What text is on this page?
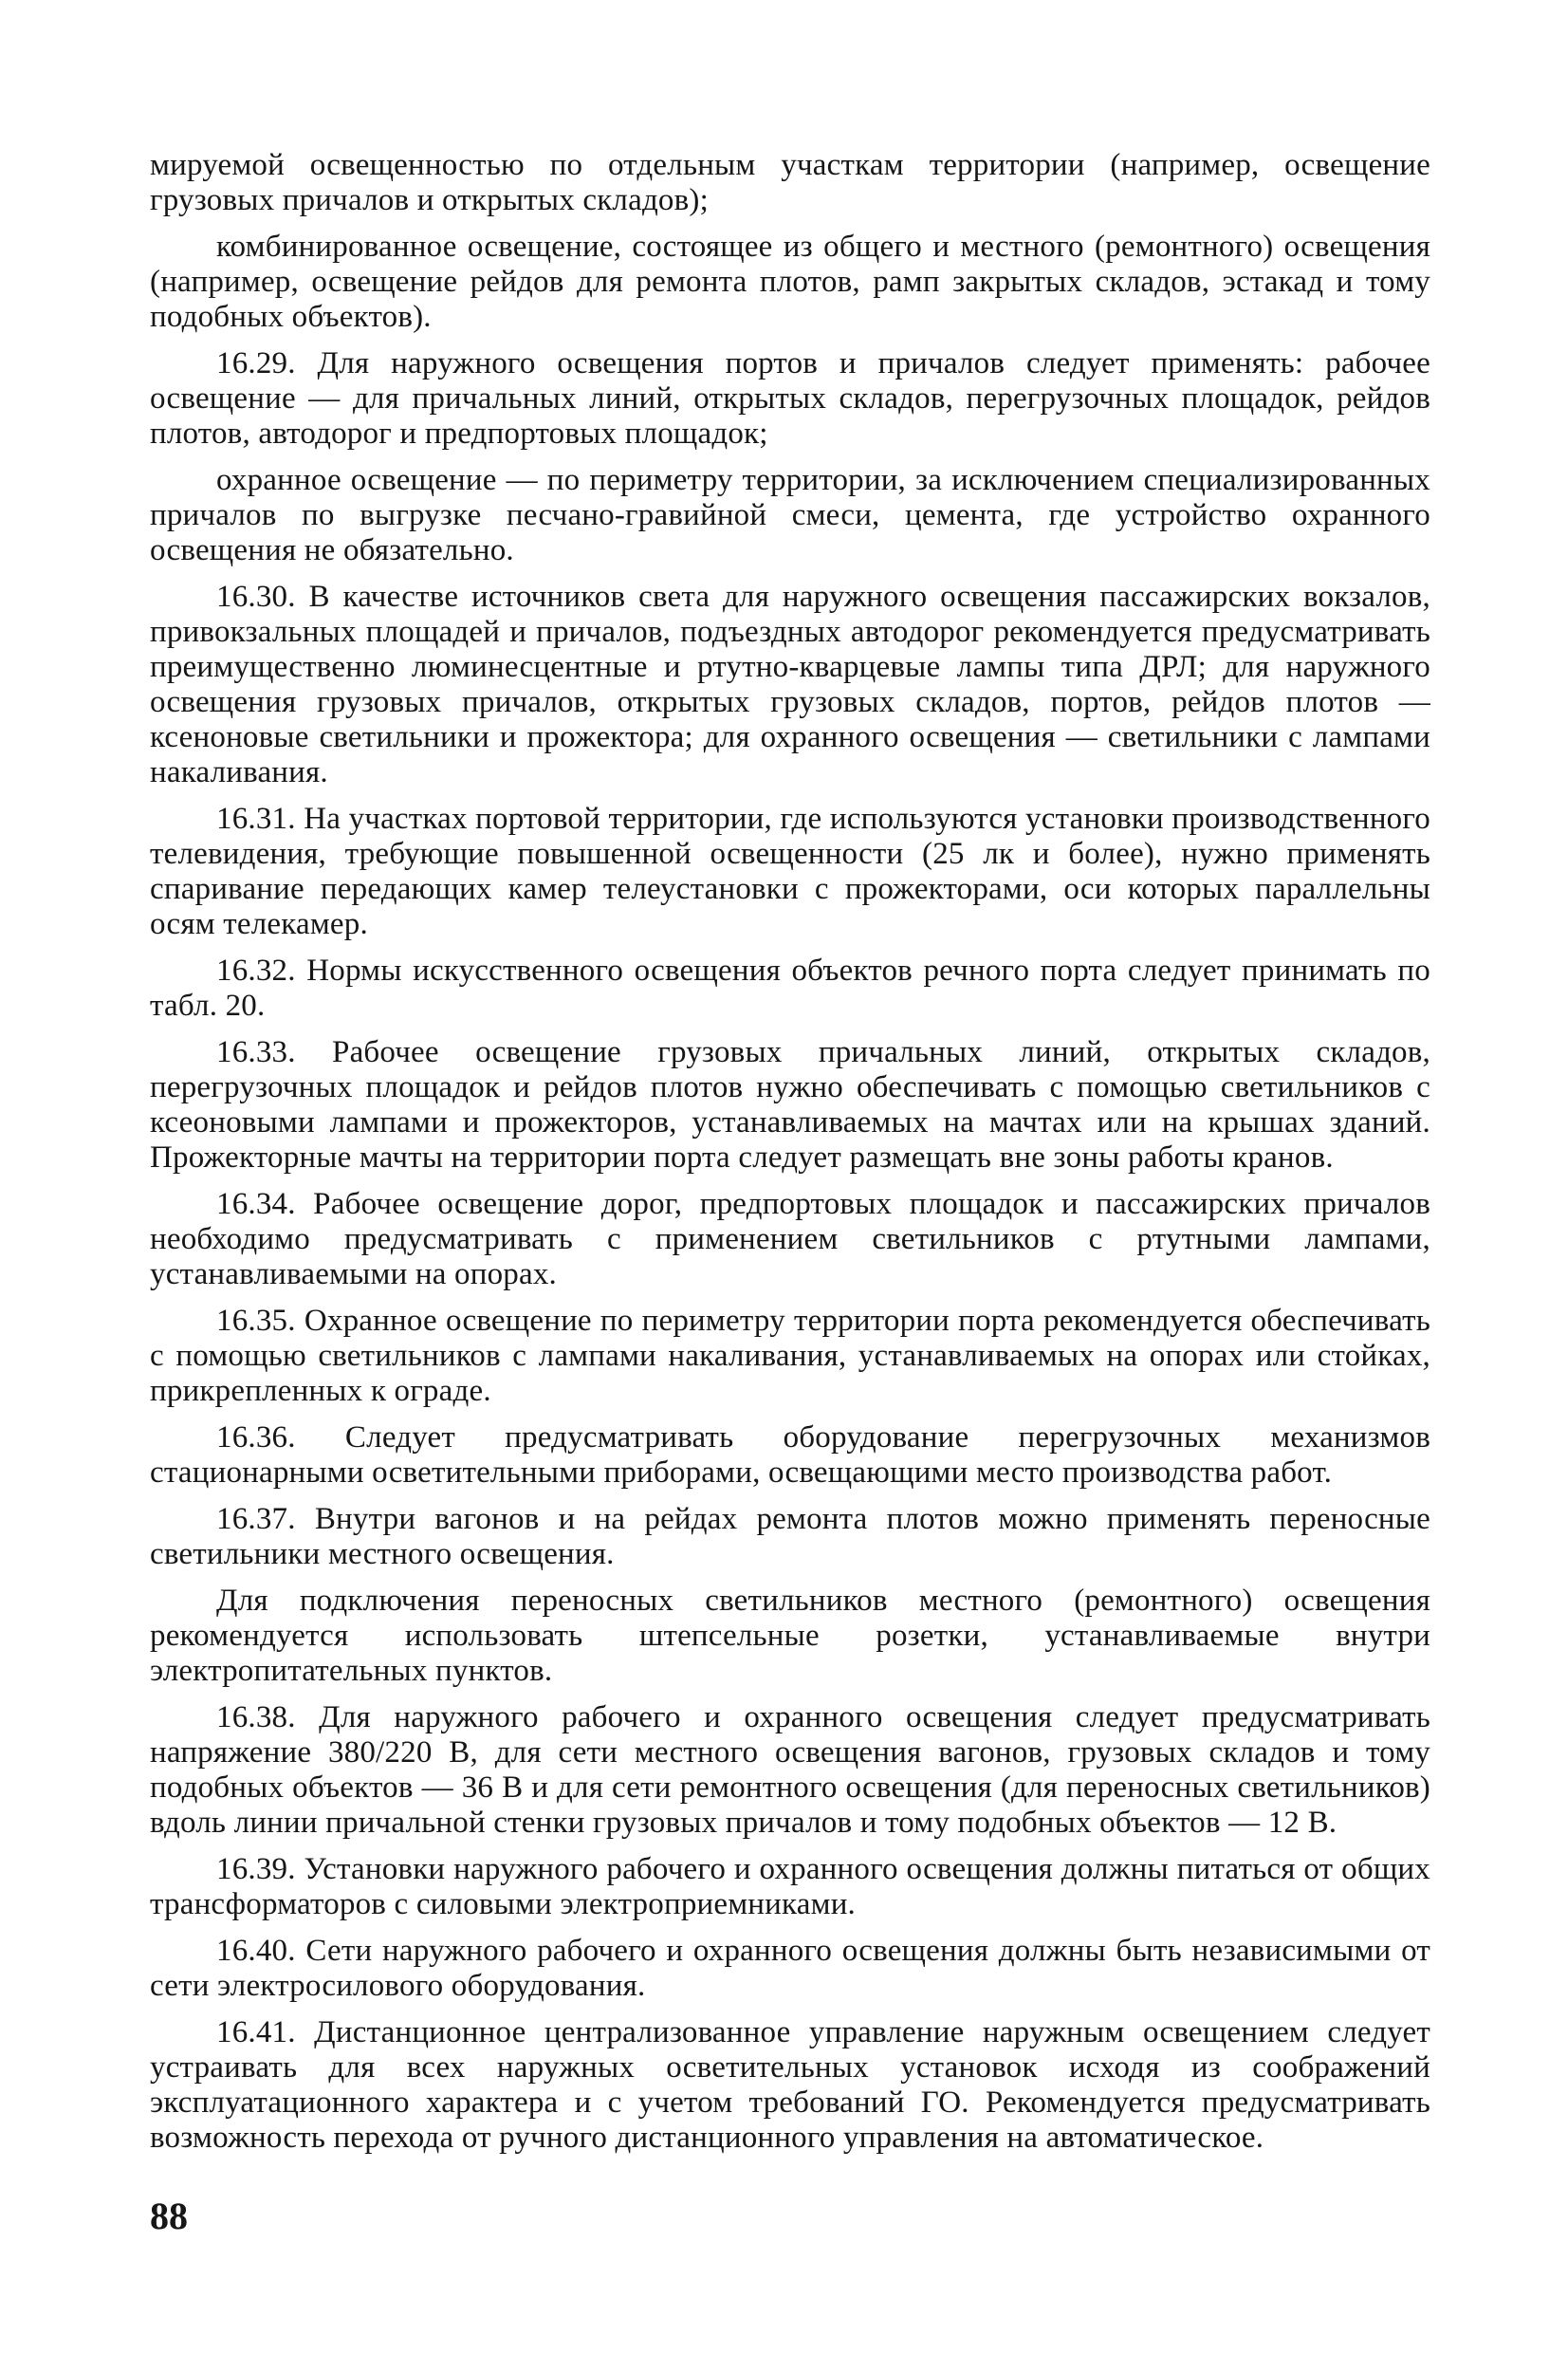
мируемой освещенностью по отдельным участкам территории (например, освещение грузовых причалов и открытых складов);

комбинированное освещение, состоящее из общего и местного (ремонтного) освещения (например, освещение рейдов для ремонта плотов, рамп закрытых складов, эстакад и тому подобных объектов).

16.29. Для наружного освещения портов и причалов следует применять: рабочее освещение — для причальных линий, открытых складов, перегрузочных площадок, рейдов плотов, автодорог и предпортовых площадок;

охранное освещение — по периметру территории, за исключением специализированных причалов по выгрузке песчано-гравийной смеси, цемента, где устройство охранного освещения не обязательно.

16.30. В качестве источников света для наружного освещения пассажирских вокзалов, привокзальных площадей и причалов, подъездных автодорог рекомендуется предусматривать преимущественно люминесцентные и ртутно-кварцевые лампы типа ДРЛ; для наружного освещения грузовых причалов, открытых грузовых складов, портов, рейдов плотов — ксеноновые светильники и прожектора; для охранного освещения — светильники с лампами накаливания.

16.31. На участках портовой территории, где используются установки производственного телевидения, требующие повышенной освещенности (25 лк и более), нужно применять спаривание передающих камер телеустановки с прожекторами, оси которых параллельны осям телекамер.

16.32. Нормы искусственного освещения объектов речного порта следует принимать по табл. 20.

16.33. Рабочее освещение грузовых причальных линий, открытых складов, перегрузочных площадок и рейдов плотов нужно обеспечивать с помощью светильников с ксеоновыми лампами и прожекторов, устанавливаемых на мачтах или на крышах зданий. Прожекторные мачты на территории порта следует размещать вне зоны работы кранов.

16.34. Рабочее освещение дорог, предпортовых площадок и пассажирских причалов необходимо предусматривать с применением светильников с ртутными лампами, устанавливаемыми на опорах.

16.35. Охранное освещение по периметру территории порта рекомендуется обеспечивать с помощью светильников с лампами накаливания, устанавливаемых на опорах или стойках, прикрепленных к ограде.

16.36. Следует предусматривать оборудование перегрузочных механизмов стационарными осветительными приборами, освещающими место производства работ.

16.37. Внутри вагонов и на рейдах ремонта плотов можно применять переносные светильники местного освещения.

Для подключения переносных светильников местного (ремонтного) освещения рекомендуется использовать штепсельные розетки, устанавливаемые внутри электропитательных пунктов.

16.38. Для наружного рабочего и охранного освещения следует предусматривать напряжение 380/220 В, для сети местного освещения вагонов, грузовых складов и тому подобных объектов — 36 В и для сети ремонтного освещения (для переносных светильников) вдоль линии причальной стенки грузовых причалов и тому подобных объектов — 12 В.

16.39. Установки наружного рабочего и охранного освещения должны питаться от общих трансформаторов с силовыми электроприемниками.

16.40. Сети наружного рабочего и охранного освещения должны быть независимыми от сети электросилового оборудования.

16.41. Дистанционное централизованное управление наружным освещением следует устраивать для всех наружных осветительных установок исходя из соображений эксплуатационного характера и с учетом требований ГО. Рекомендуется предусматривать возможность перехода от ручного дистанционного управления на автоматическое.

88
